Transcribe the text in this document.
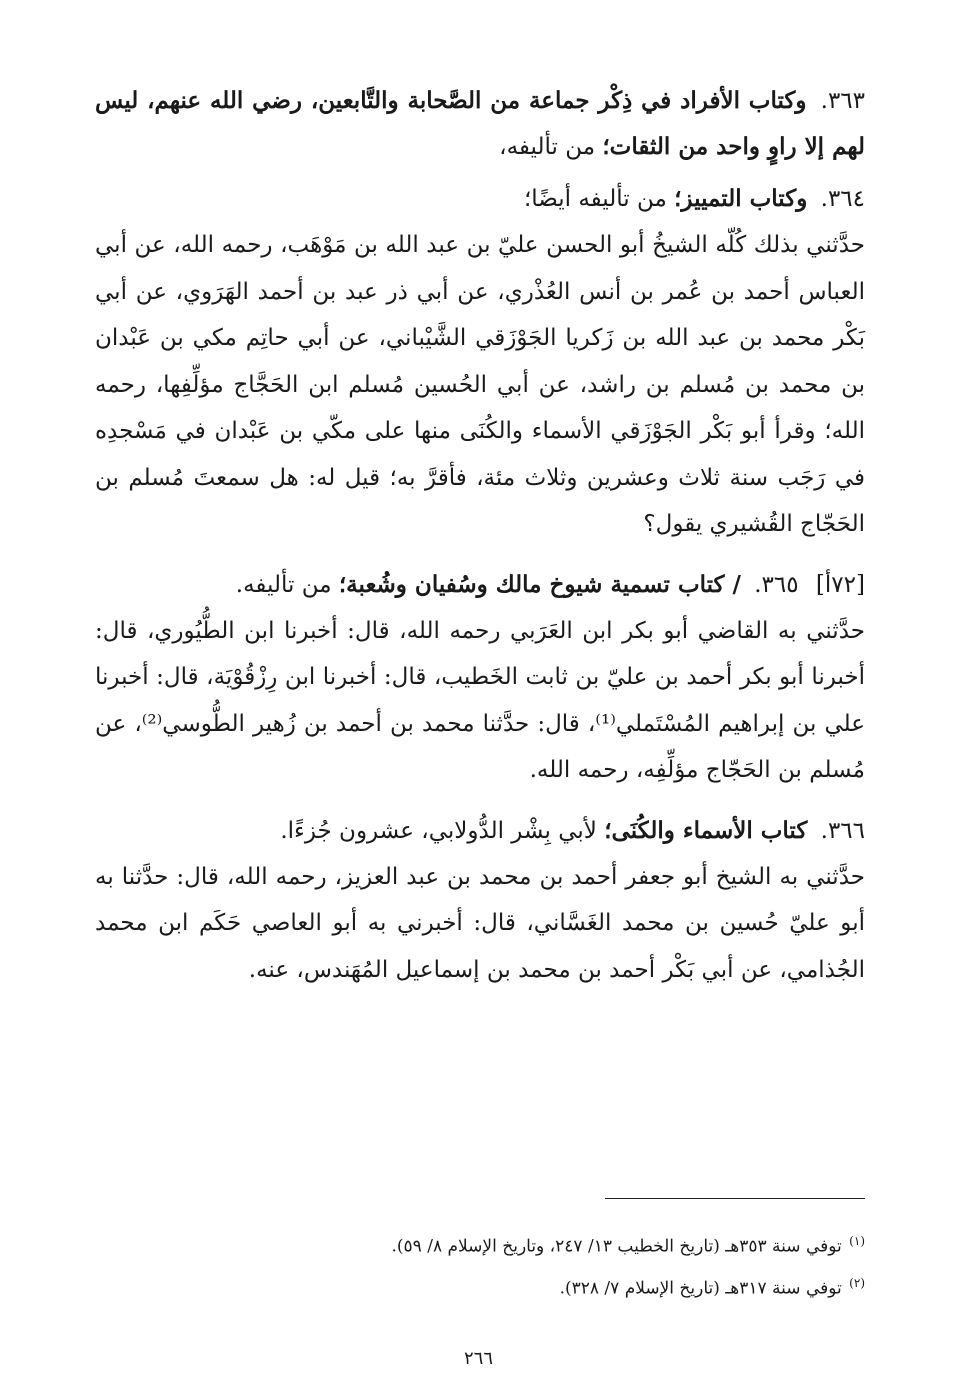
٣٦٣. وكتاب الأفراد في ذِكْر جماعة من الصَّحابة والتَّابعين، رضي الله عنهم، ليس لهم إلا راوٍ واحد من الثقات؛ من تأليفه،

٣٦٤. وكتاب التمييز؛ من تأليفه أيضًا؛

حدَّثني بذلك كُلّه الشيخُ أبو الحسن عليّ بن عبد الله بن مَوْهَب، رحمه الله، عن أبي العباس أحمد بن عُمر بن أنس العُذْري، عن أبي ذر عبد بن أحمد الهَرَوي، عن أبي بَكْر محمد بن عبد الله بن زَكريا الجَوْزَقي الشَّيْباني، عن أبي حاتِم مكي بن عَبْدان بن محمد بن مُسلم بن راشد، عن أبي الحُسين مُسلم ابن الحَجَّاج مؤلِّفِها، رحمه الله؛ وقرأ أبو بَكْر الجَوْزَقي الأسماء والكُنَى منها على مكّي بن عَبْدان في مَسْجدِه في رَجَب سنة ثلاث وعشرين وثلاث مئة، فأقرَّ به؛ قيل له: هل سمعتَ مُسلم بن الحَجّاج القُشيري يقول؟

[٧٢أ] ٣٦٥. / كتاب تسمية شيوخ مالك وسُفيان وشُعبة؛ من تأليفه.

حدَّثني به القاضي أبو بكر ابن العَرَبي رحمه الله، قال: أخبرنا ابن الطُّيُوري، قال: أخبرنا أبو بكر أحمد بن عليّ بن ثابت الخَطيب، قال: أخبرنا ابن رِزْقُوْيَة، قال: أخبرنا علي بن إبراهيم المُسْتَملي⁽¹⁾، قال: حدَّثنا محمد بن أحمد بن زُهير الطُّوسي⁽²⁾، عن مُسلم بن الحَجّاج مؤلِّفِه، رحمه الله.

٣٦٦. كتاب الأسماء والكُنَى؛ لأبي بِشْر الدُّولابي، عشرون جُزءًا.

حدَّثني به الشيخ أبو جعفر أحمد بن محمد بن عبد العزيز، رحمه الله، قال: حدَّثنا به أبو عليّ حُسين بن محمد الغَسَّاني، قال: أخبرني به أبو العاصي حَكَم ابن محمد الجُذامي، عن أبي بَكْر أحمد بن محمد بن إسماعيل المُهَندس، عنه.

$^{(١)}$ توفي سنة ٣٥٣هـ (تاريخ الخطيب ١٣/ ٢٤٧، وتاريخ الإسلام ٨/ ٥٩).

$^{(٢)}$ توفي سنة ٣١٧هـ (تاريخ الإسلام ٧/ ٣٢٨).

٢٦٦
